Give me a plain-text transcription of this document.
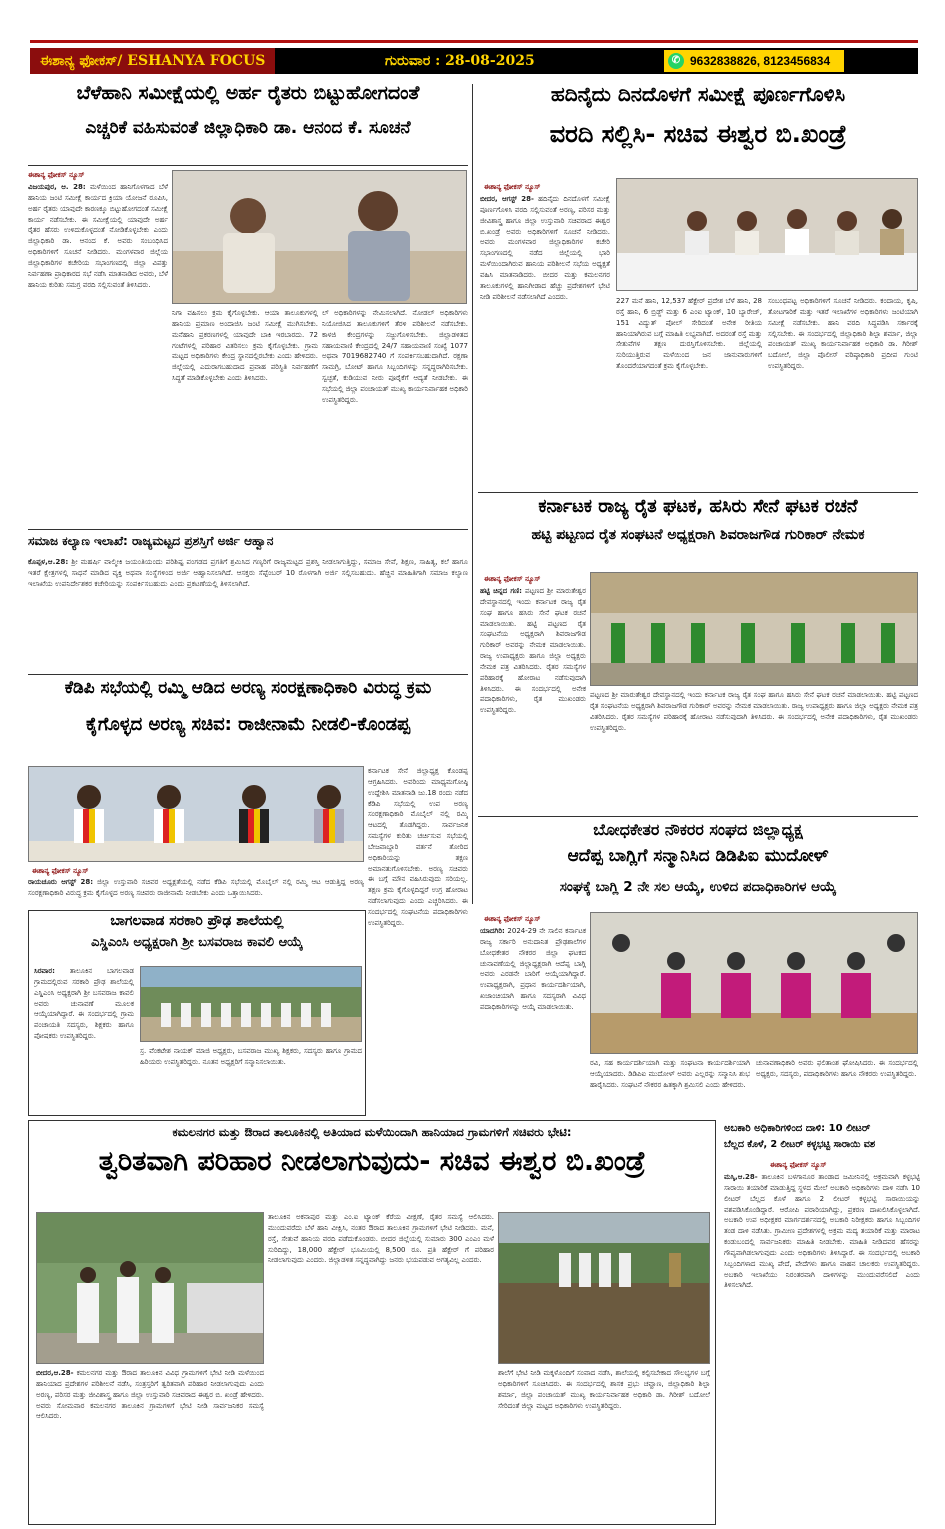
ಈಶಾನ್ಯ ಫೋಕಸ್/ ESHANYA FOCUS	ಗುರುವಾರ : 28-08-2025	✆ 9632838826, 8123456834 Page-3
ಬೆಳೆಹಾನಿ ಸಮೀಕ್ಷೆಯಲ್ಲಿ ಅರ್ಹ ರೈತರು ಬಿಟ್ಟುಹೋಗದಂತೆ
ಎಚ್ಚರಿಕೆ ವಹಿಸುವಂತೆ ಜಿಲ್ಲಾಧಿಕಾರಿ ಡಾ. ಆನಂದ ಕೆ. ಸೂಚನೆ
ಈಶಾನ್ಯ ಫೋಕಸ್ ನ್ಯೂಸ್
ವಿಜಯಪುರ, ಆ. 28: ಮಳೆಯಿಂದ ಹಾನಿಗೊಳಗಾದ ಬೆಳೆ ಹಾನಿಯ ಜಂಟಿ ಸಮೀಕ್ಷೆ ಕಾರ್ಯದ ಕ್ರಿಯಾ ಯೋಜನೆ ರೂಪಿಸಿ, ಅರ್ಹ ರೈತರು ಯಾವುದೇ ಕಾರಣಕ್ಕೂ ಬಿಟ್ಟುಹೋಗದಂತೆ ಸಮೀಕ್ಷೆ ಕಾರ್ಯ ನಡೆಸಬೇಕು. ಈ ಸಮೀಕ್ಷೆಯಲ್ಲಿ ಯಾವುದೇ ಅರ್ಹ ರೈತರ ಹೆಸರು ಉಳಿದುಕೊಳ್ಳದಂತೆ ನೋಡಿಕೊಳ್ಳಬೇಕು ಎಂದು ಜಿಲ್ಲಾಧಿಕಾರಿ ಡಾ. ಆನಂದ ಕೆ. ಅವರು ಸಂಬಂಧಿಸಿದ ಅಧಿಕಾರಿಗಳಿಗೆ ಸೂಚನೆ ನೀಡಿದರು. ಮಂಗಳವಾರ ಜಿಲ್ಲೆಯ ಜಿಲ್ಲಾಧಿಕಾರಿಗಳ ಕಚೇರಿಯ ಸಭಾಂಗಣದಲ್ಲಿ ಜಿಲ್ಲಾ ವಿಪತ್ತು ನಿರ್ವಹಣಾ ಪ್ರಾಧಿಕಾರದ ಸಭೆ ನಡೆಸಿ ಮಾತನಾಡಿದ ಅವರು, ಬೆಳೆ ಹಾನಿಯ ಕುರಿತು ಸಮಗ್ರ ವರದಿ ಸಲ್ಲಿಸುವಂತೆ ತಿಳಿಸಿದರು.
ನಿಗಾ ವಹಿಸಲು ಕ್ರಮ ಕೈಗೊಳ್ಳಬೇಕು. ಆಯಾ ತಾಲೂಕುಗಳಲ್ಲಿ ಹಾನಿಯ ಪ್ರಮಾಣ ಅಂದಾಜಿಸಿ ಜಂಟಿ ಸಮೀಕ್ಷೆ ಮುಗಿಸಬೇಕು. ಮನೆಹಾನಿ ಪ್ರಕರಣಗಳಲ್ಲಿ ಯಾವುದೇ ಬಾಕಿ ಇರಬಾರದು. 72 ಗಂಟೆಗಳಲ್ಲಿ ಪರಿಹಾರ ವಿತರಿಸಲು ಕ್ರಮ ಕೈಗೊಳ್ಳಬೇಕು. ಗ್ರಾಮ ಮಟ್ಟದ ಅಧಿಕಾರಿಗಳು ಕೇಂದ್ರ ಸ್ಥಾನದಲ್ಲಿರಬೇಕು ಎಂದು ಹೇಳಿದರು. ಜಿಲ್ಲೆಯಲ್ಲಿ ಎದುರಾಗಬಹುದಾದ ಪ್ರವಾಹ ಪರಿಸ್ಥಿತಿ ನಿರ್ವಹಣೆಗೆ ಸಿದ್ಧತೆ ಮಾಡಿಕೊಳ್ಳಬೇಕು ಎಂದು ತಿಳಿಸಿದರು.
ಲ್ ಅಧಿಕಾರಿಗಳನ್ನು ನೇಮಿಸಲಾಗಿದೆ. ನೋಡಲ್ ಅಧಿಕಾರಿಗಳು ನಿಯೋಜಿಸಿದ ತಾಲೂಕುಗಳಿಗೆ ತೆರಳಿ ಪರಿಶೀಲನೆ ನಡೆಸಬೇಕು. ಕಾಳಜಿ ಕೇಂದ್ರಗಳನ್ನು ಸಜ್ಜುಗೊಳಿಸಬೇಕು. ಜಿಲ್ಲಾಡಳಿತದ ಸಹಾಯವಾಣಿ ಕೇಂದ್ರದಲ್ಲಿ 24/7 ಸಹಾಯವಾಣಿ ಸಂಖ್ಯೆ 1077 ಅಥವಾ 7019682740 ಗೆ ಸಂಪರ್ಕಿಸಬಹುದಾಗಿದೆ. ರಕ್ಷಣಾ ಸಾಮಗ್ರಿ, ಬೋಟ್ ಹಾಗೂ ಸಿಬ್ಬಂದಿಗಳನ್ನು ಸನ್ನದ್ಧರಾಗಿರಿಸಬೇಕು. ಸ್ವಚ್ಛತೆ, ಕುಡಿಯುವ ನೀರು ಪೂರೈಕೆಗೆ ಆದ್ಯತೆ ನೀಡಬೇಕು. ಈ ಸಭೆಯಲ್ಲಿ ಜಿಲ್ಲಾ ಪಂಚಾಯತ್ ಮುಖ್ಯ ಕಾರ್ಯನಿರ್ವಾಹಕ ಅಧಿಕಾರಿ ಉಪಸ್ಥಿತರಿದ್ದರು.
ಹದಿನೈದು ದಿನದೊಳಗೆ ಸಮೀಕ್ಷೆ ಪೂರ್ಣಗೊಳಿಸಿ
ವರದಿ ಸಲ್ಲಿಸಿ- ಸಚಿವ ಈಶ್ವರ ಬಿ.ಖಂಡ್ರೆ
ಈಶಾನ್ಯ ಫೋಕಸ್ ನ್ಯೂಸ್
ಬೀದರ, ಆಗಸ್ಟ್ 28- ಹದಿನೈದು ದಿನದೊಳಗೆ ಸಮೀಕ್ಷೆ ಪೂರ್ಣಗೊಳಿಸಿ ವರದಿ ಸಲ್ಲಿಸುವಂತೆ ಅರಣ್ಯ, ಪರಿಸರ ಮತ್ತು ಜೀವಿಶಾಸ್ತ್ರ ಹಾಗೂ ಜಿಲ್ಲಾ ಉಸ್ತುವಾರಿ ಸಚಿವರಾದ ಈಶ್ವರ ಬಿ.ಖಂಡ್ರೆ ಅವರು ಅಧಿಕಾರಿಗಳಿಗೆ ಸೂಚನೆ ನೀಡಿದರು. ಅವರು ಮಂಗಳವಾರ ಜಿಲ್ಲಾಧಿಕಾರಿಗಳ ಕಚೇರಿ ಸಭಾಂಗಣದಲ್ಲಿ ನಡೆದ ಜಿಲ್ಲೆಯಲ್ಲಿ ಭಾರಿ ಮಳೆಯಿಂದಾಗಿರುವ ಹಾನಿಯ ಪರಿಶೀಲನೆ ಸಭೆಯ ಅಧ್ಯಕ್ಷತೆ ವಹಿಸಿ ಮಾತನಾಡಿದರು. ಬೀದರ ಮತ್ತು ಕಮಲನಗರ ತಾಲೂಕುಗಳಲ್ಲಿ ಹಾನಿಗೀಡಾದ ಹೆಚ್ಚು ಪ್ರದೇಶಗಳಿಗೆ ಭೇಟಿ ನೀಡಿ ಪರಿಶೀಲನೆ ನಡೆಸಲಾಗಿದೆ ಎಂದರು.
227 ಮನೆ ಹಾನಿ, 12,537 ಹೆಕ್ಟೇರ್ ಪ್ರದೇಶ ಬೆಳೆ ಹಾನಿ, 28 ರಸ್ತೆ ಹಾನಿ, 6 ಬ್ರಿಡ್ಜ್ ಮತ್ತು 6 ಎಂಐ ಟ್ಯಾಂಕ್, 10 ಬ್ಯಾರೇಜ್, 151 ವಿದ್ಯುತ್ ಪೋಲ್ ಸೇರಿದಂತೆ ಅನೇಕ ರೀತಿಯ ಹಾನಿಯಾಗಿರುವ ಬಗ್ಗೆ ಮಾಹಿತಿ ಲಭ್ಯವಾಗಿದೆ. ಅದರಂತೆ ರಸ್ತೆ ಮತ್ತು ಸೇತುವೆಗಳ ತಕ್ಷಣ ದುರಸ್ತಿಗೊಳಿಸಬೇಕು. ಜಿಲ್ಲೆಯಲ್ಲಿ ಸುರಿಯುತ್ತಿರುವ ಮಳೆಯಿಂದ ಜನ ಜಾನುವಾರುಗಳಿಗೆ ತೊಂದರೆಯಾಗದಂತೆ ಕ್ರಮ ಕೈಗೊಳ್ಳಬೇಕು.
ಸಂಬಂಧಪಟ್ಟ ಅಧಿಕಾರಿಗಳಿಗೆ ಸೂಚನೆ ನೀಡಿದರು. ಕಂದಾಯ, ಕೃಷಿ, ತೋಟಗಾರಿಕೆ ಮತ್ತು ಇತರೆ ಇಲಾಖೆಗಳ ಅಧಿಕಾರಿಗಳು ಜಂಟಿಯಾಗಿ ಸಮೀಕ್ಷೆ ನಡೆಸಬೇಕು. ಹಾನಿ ವರದಿ ಸಿದ್ಧಪಡಿಸಿ ಸರ್ಕಾರಕ್ಕೆ ಸಲ್ಲಿಸಬೇಕು. ಈ ಸಂದರ್ಭದಲ್ಲಿ ಜಿಲ್ಲಾಧಿಕಾರಿ ಶಿಲ್ಪಾ ಶರ್ಮಾ, ಜಿಲ್ಲಾ ಪಂಚಾಯತ್ ಮುಖ್ಯ ಕಾರ್ಯನಿರ್ವಾಹಕ ಅಧಿಕಾರಿ ಡಾ. ಗಿರೀಶ್ ಬದೋಲೆ, ಜಿಲ್ಲಾ ಪೊಲೀಸ್ ವರಿಷ್ಠಾಧಿಕಾರಿ ಪ್ರದೀಪ ಗುಂಟಿ ಉಪಸ್ಥಿತರಿದ್ದರು.
ಕರ್ನಾಟಕ ರಾಜ್ಯ ರೈತ ಘಟಕ, ಹಸಿರು ಸೇನೆ ಘಟಕ ರಚನೆ
ಹಟ್ಟಿ ಪಟ್ಟಣದ ರೈತ ಸಂಘಟನೆ ಅಧ್ಯಕ್ಷರಾಗಿ ಶಿವರಾಜಗೌಡ ಗುರಿಕಾರ್ ನೇಮಕ
ಈಶಾನ್ಯ ಫೋಕಸ್ ನ್ಯೂಸ್
ಹಟ್ಟಿ ಚಿನ್ನದ ಗಣಿ: ಪಟ್ಟಣದ ಶ್ರೀ ಮಾರುತೇಶ್ವರ ದೇವಸ್ಥಾನದಲ್ಲಿ ಇಂದು ಕರ್ನಾಟಕ ರಾಜ್ಯ ರೈತ ಸಂಘ ಹಾಗೂ ಹಸಿರು ಸೇನೆ ಘಟಕ ರಚನೆ ಮಾಡಲಾಯಿತು. ಹಟ್ಟಿ ಪಟ್ಟಣದ ರೈತ ಸಂಘಟನೆಯ ಅಧ್ಯಕ್ಷರಾಗಿ ಶಿವರಾಜಗೌಡ ಗುರಿಕಾರ್ ಅವರನ್ನು ನೇಮಕ ಮಾಡಲಾಯಿತು. ರಾಜ್ಯ ಉಪಾಧ್ಯಕ್ಷರು ಹಾಗೂ ಜಿಲ್ಲಾ ಅಧ್ಯಕ್ಷರು ನೇಮಕ ಪತ್ರ ವಿತರಿಸಿದರು. ರೈತರ ಸಮಸ್ಯೆಗಳ ಪರಿಹಾರಕ್ಕೆ ಹೋರಾಟ ನಡೆಸುವುದಾಗಿ ತಿಳಿಸಿದರು. ಈ ಸಂದರ್ಭದಲ್ಲಿ ಅನೇಕ ಪದಾಧಿಕಾರಿಗಳು, ರೈತ ಮುಖಂಡರು ಉಪಸ್ಥಿತರಿದ್ದರು.
ಪಟ್ಟಣದ ಶ್ರೀ ಮಾರುತೇಶ್ವರ ದೇವಸ್ಥಾನದಲ್ಲಿ ಇಂದು ಕರ್ನಾಟಕ ರಾಜ್ಯ ರೈತ ಸಂಘ ಹಾಗೂ ಹಸಿರು ಸೇನೆ ಘಟಕ ರಚನೆ ಮಾಡಲಾಯಿತು. ಹಟ್ಟಿ ಪಟ್ಟಣದ ರೈತ ಸಂಘಟನೆಯ ಅಧ್ಯಕ್ಷರಾಗಿ ಶಿವರಾಜಗೌಡ ಗುರಿಕಾರ್ ಅವರನ್ನು ನೇಮಕ ಮಾಡಲಾಯಿತು. ರಾಜ್ಯ ಉಪಾಧ್ಯಕ್ಷರು ಹಾಗೂ ಜಿಲ್ಲಾ ಅಧ್ಯಕ್ಷರು ನೇಮಕ ಪತ್ರ ವಿತರಿಸಿದರು. ರೈತರ ಸಮಸ್ಯೆಗಳ ಪರಿಹಾರಕ್ಕೆ ಹೋರಾಟ ನಡೆಸುವುದಾಗಿ ತಿಳಿಸಿದರು. ಈ ಸಂದರ್ಭದಲ್ಲಿ ಅನೇಕ ಪದಾಧಿಕಾರಿಗಳು, ರೈತ ಮುಖಂಡರು ಉಪಸ್ಥಿತರಿದ್ದರು.
ಸಮಾಜ ಕಲ್ಯಾಣ ಇಲಾಖೆ: ರಾಜ್ಯಮಟ್ಟದ ಪ್ರಶಸ್ತಿಗೆ ಅರ್ಜಿ ಆಹ್ವಾನ
ಕೊಪ್ಪಳ,ಆ.28: ಶ್ರೀ ಮಹರ್ಷಿ ವಾಲ್ಮೀಕಿ ಜಯಂತಿಯಂದು ಪರಿಶಿಷ್ಟ ಪಂಗಡದ ಪ್ರಗತಿಗೆ ಶ್ರಮಿಸಿದ ಗಣ್ಯರಿಗೆ ರಾಜ್ಯಮಟ್ಟದ ಪ್ರಶಸ್ತಿ ನೀಡಲಾಗುತ್ತಿದ್ದು, ಸಮಾಜ ಸೇವೆ, ಶಿಕ್ಷಣ, ಸಾಹಿತ್ಯ, ಕಲೆ ಹಾಗೂ ಇತರೆ ಕ್ಷೇತ್ರಗಳಲ್ಲಿ ಸಾಧನೆ ಮಾಡಿದ ವ್ಯಕ್ತಿ ಅಥವಾ ಸಂಸ್ಥೆಗಳಿಂದ ಅರ್ಜಿ ಆಹ್ವಾನಿಸಲಾಗಿದೆ. ಆಸಕ್ತರು ಸೆಪ್ಟೆಂಬರ್ 10 ರೊಳಗಾಗಿ ಅರ್ಜಿ ಸಲ್ಲಿಸಬಹುದು. ಹೆಚ್ಚಿನ ಮಾಹಿತಿಗಾಗಿ ಸಮಾಜ ಕಲ್ಯಾಣ ಇಲಾಖೆಯ ಉಪನಿರ್ದೇಶಕರ ಕಚೇರಿಯನ್ನು ಸಂಪರ್ಕಿಸಬಹುದು ಎಂದು ಪ್ರಕಟಣೆಯಲ್ಲಿ ತಿಳಿಸಲಾಗಿದೆ.
ಕೆಡಿಪಿ ಸಭೆಯಲ್ಲಿ ರಮ್ಮಿ ಆಡಿದ ಅರಣ್ಯ ಸಂರಕ್ಷಣಾಧಿಕಾರಿ ವಿರುದ್ಧ ಕ್ರಮ
ಕೈಗೊಳ್ಳದ ಅರಣ್ಯ ಸಚಿವ: ರಾಜೀನಾಮೆ ನೀಡಲಿ-ಕೊಂಡಪ್ಪ
ಈಶಾನ್ಯ ಫೋಕಸ್ ನ್ಯೂಸ್
ರಾಯಚೂರು ಆಗಸ್ಟ್ 28: ಜಿಲ್ಲಾ ಉಸ್ತುವಾರಿ ಸಚಿವರ ಅಧ್ಯಕ್ಷತೆಯಲ್ಲಿ ನಡೆದ ಕೆಡಿಪಿ ಸಭೆಯಲ್ಲಿ ಮೊಬೈಲ್ ನಲ್ಲಿ ರಮ್ಮಿ ಆಟ ಆಡುತ್ತಿದ್ದ ಅರಣ್ಯ ಸಂರಕ್ಷಣಾಧಿಕಾರಿ ವಿರುದ್ಧ ಕ್ರಮ ಕೈಗೊಳ್ಳದ ಅರಣ್ಯ ಸಚಿವರು ರಾಜೀನಾಮೆ ನೀಡಬೇಕು ಎಂದು ಒತ್ತಾಯಿಸಿದರು.
ಕರ್ನಾಟಕ ಸೇನೆ ಜಿಲ್ಲಾಧ್ಯಕ್ಷ ಕೊಂಡಪ್ಪ ಆಗ್ರಹಿಸಿದರು. ಅವರಿಂದು ಮಾಧ್ಯಮಗೋಷ್ಠಿ ಉದ್ದೇಶಿಸಿ ಮಾತನಾಡಿ ಜು.18 ರಂದು ನಡೆದ ಕೆಡಿಪಿ ಸಭೆಯಲ್ಲಿ ಉಪ ಅರಣ್ಯ ಸಂರಕ್ಷಣಾಧಿಕಾರಿ ಮೊಬೈಲ್ ನಲ್ಲಿ ರಮ್ಮಿ ಆಟದಲ್ಲಿ ತೊಡಗಿದ್ದರು. ಸಾರ್ವಜನಿಕ ಸಮಸ್ಯೆಗಳ ಕುರಿತು ಚರ್ಚಿಸುವ ಸಭೆಯಲ್ಲಿ ಬೇಜವಾಬ್ದಾರಿ ವರ್ತನೆ ತೋರಿದ ಅಧಿಕಾರಿಯನ್ನು ತಕ್ಷಣ ಅಮಾನತುಗೊಳಿಸಬೇಕು. ಅರಣ್ಯ ಸಚಿವರು ಈ ಬಗ್ಗೆ ಮೌನ ವಹಿಸಿರುವುದು ಸರಿಯಲ್ಲ. ತಕ್ಷಣ ಕ್ರಮ ಕೈಗೊಳ್ಳದಿದ್ದರೆ ಉಗ್ರ ಹೋರಾಟ ನಡೆಸಲಾಗುವುದು ಎಂದು ಎಚ್ಚರಿಸಿದರು. ಈ ಸಂದರ್ಭದಲ್ಲಿ ಸಂಘಟನೆಯ ಪದಾಧಿಕಾರಿಗಳು ಉಪಸ್ಥಿತರಿದ್ದರು.
ಬೋಧಕೇತರ ನೌಕರರ ಸಂಘದ ಜಿಲ್ಲಾಧ್ಯಕ್ಷ
ಆದೆಪ್ಪ ಬಾಗ್ಲಿಗೆ ಸನ್ಮಾನಿಸಿದ ಡಿಡಿಪಿಐ ಮುದೋಳ್
ಸಂಘಕ್ಕೆ ಬಾಗ್ಲಿ 2 ನೇ ಸಲ ಆಯ್ಕೆ, ಉಳಿದ ಪದಾಧಿಕಾರಿಗಳ ಆಯ್ಕೆ
ಈಶಾನ್ಯ ಫೋಕಸ್ ನ್ಯೂಸ್
ಯಾದಗಿರಿ: 2024-29 ನೇ ಸಾಲಿನ ಕರ್ನಾಟಕ ರಾಜ್ಯ ಸರ್ಕಾರಿ ಅನುದಾನಿತ ಪ್ರೌಢಶಾಲೆಗಳ ಬೋಧಕೇತರ ನೌಕರರ ಜಿಲ್ಲಾ ಘಟಕದ ಚುನಾವಣೆಯಲ್ಲಿ ಜಿಲ್ಲಾಧ್ಯಕ್ಷರಾಗಿ ಆದೆಪ್ಪ ಬಾಗ್ಲಿ ಅವರು ಎರಡನೇ ಬಾರಿಗೆ ಆಯ್ಕೆಯಾಗಿದ್ದಾರೆ. ಉಪಾಧ್ಯಕ್ಷರಾಗಿ, ಪ್ರಧಾನ ಕಾರ್ಯದರ್ಶಿಯಾಗಿ, ಖಜಾಂಚಿಯಾಗಿ ಹಾಗೂ ಸದಸ್ಯರಾಗಿ ವಿವಿಧ ಪದಾಧಿಕಾರಿಗಳನ್ನು ಆಯ್ಕೆ ಮಾಡಲಾಯಿತು.
ರವಿ, ಸಹ ಕಾರ್ಯದರ್ಶಿಯಾಗಿ ಮತ್ತು ಸಂಘಟನಾ ಕಾರ್ಯದರ್ಶಿಯಾಗಿ ಆಯ್ಕೆಯಾದರು. ಡಿಡಿಪಿಐ ಮುದೋಳ್ ಅವರು ಎಲ್ಲರನ್ನು ಸನ್ಮಾನಿಸಿ ಶುಭ ಹಾರೈಸಿದರು. ಸಂಘಟನೆ ನೌಕರರ ಹಿತಕ್ಕಾಗಿ ಶ್ರಮಿಸಲಿ ಎಂದು ಹೇಳಿದರು.
ಚುನಾವಣಾಧಿಕಾರಿ ಅವರು ಫಲಿತಾಂಶ ಘೋಷಿಸಿದರು. ಈ ಸಂದರ್ಭದಲ್ಲಿ ಅಧ್ಯಕ್ಷರು, ಸದಸ್ಯರು, ಪದಾಧಿಕಾರಿಗಳು ಹಾಗೂ ನೌಕರರು ಉಪಸ್ಥಿತರಿದ್ದರು.
ಬಾಗಲವಾಡ ಸರಕಾರಿ ಪ್ರೌಢ ಶಾಲೆಯಲ್ಲಿ
ಎಸ್ಡಿಎಂಸಿ ಅಧ್ಯಕ್ಷರಾಗಿ ಶ್ರೀ ಬಸವರಾಜ ಕಾವಲಿ ಆಯ್ಕೆ
ಸಿರವಾರ: ತಾಲೂಕಿನ ಬಾಗಲವಾಡ ಗ್ರಾಮದಲ್ಲಿರುವ ಸರಕಾರಿ ಪ್ರೌಢ ಶಾಲೆಯಲ್ಲಿ ಎಸ್ಡಿಎಂಸಿ ಅಧ್ಯಕ್ಷರಾಗಿ ಶ್ರೀ ಬಸವರಾಜ ಕಾವಲಿ ಅವರು ಚುನಾವಣೆ ಮೂಲಕ ಆಯ್ಕೆಯಾಗಿದ್ದಾರೆ. ಈ ಸಂದರ್ಭದಲ್ಲಿ ಗ್ರಾಮ ಪಂಚಾಯತಿ ಸದಸ್ಯರು, ಶಿಕ್ಷಕರು ಹಾಗೂ ಪೋಷಕರು ಉಪಸ್ಥಿತರಿದ್ದರು.
ಸ್ರ. ವೆಂಕಟೇಶ ನಾಯಕ್ ಮಾಜಿ ಅಧ್ಯಕ್ಷರು, ಬಸವರಾಜ ಮುಖ್ಯ ಶಿಕ್ಷಕರು, ಸದಸ್ಯರು ಹಾಗೂ ಗ್ರಾಮದ ಹಿರಿಯರು ಉಪಸ್ಥಿತರಿದ್ದರು. ನೂತನ ಅಧ್ಯಕ್ಷರಿಗೆ ಸನ್ಮಾನಿಸಲಾಯಿತು.
ಕಮಲನಗರ ಮತ್ತು ಔರಾದ ತಾಲೂಕಿನಲ್ಲಿ ಅತಿಯಾದ ಮಳೆಯಿಂದಾಗಿ ಹಾನಿಯಾದ ಗ್ರಾಮಗಳಿಗೆ ಸಚಿವರು ಭೇಟಿ:
ತ್ವರಿತವಾಗಿ ಪರಿಹಾರ ನೀಡಲಾಗುವುದು- ಸಚಿವ ಈಶ್ವರ ಬಿ.ಖಂಡ್ರೆ
ತಾಲೂಕಿನ ಅಕನಾಪುರ ಮತ್ತು ಎಂ.ಐ ಟ್ಯಾಂಕ್ ಕೆರೆಯ ವೀಕ್ಷಣೆ, ರೈತರ ಸಮಸ್ಯೆ ಆಲಿಸಿದರು. ಮುಂದುವರೆದು ಬೆಳೆ ಹಾನಿ ವೀಕ್ಷಿಸಿ, ನಂತರ ಔರಾದ ತಾಲೂಕಿನ ಗ್ರಾಮಗಳಿಗೆ ಭೇಟಿ ನೀಡಿದರು. ಮನೆ, ರಸ್ತೆ, ಸೇತುವೆ ಹಾನಿಯ ವರದಿ ಪಡೆದುಕೊಂಡರು. ಬೀದರ ಜಿಲ್ಲೆಯಲ್ಲಿ ಸುಮಾರು 300 ಎಂಎಂ ಮಳೆ ಸುರಿದಿದ್ದು, 18,000 ಹೆಕ್ಟೇರ್ ಭೂಮಿಯಲ್ಲಿ 8,500 ರೂ. ಪ್ರತಿ ಹೆಕ್ಟೇರ್ ಗೆ ಪರಿಹಾರ ನೀಡಲಾಗುವುದು ಎಂದರು. ಜಿಲ್ಲಾಡಳಿತ ಸನ್ನದ್ಧವಾಗಿದ್ದು ಜನರು ಭಯಪಡುವ ಅಗತ್ಯವಿಲ್ಲ ಎಂದರು.
ಬೀದರ,ಆ.28- ಕಮಲನಗರ ಮತ್ತು ಔರಾದ ತಾಲೂಕಿನ ವಿವಿಧ ಗ್ರಾಮಗಳಿಗೆ ಭೇಟಿ ನೀಡಿ ಮಳೆಯಿಂದ ಹಾನಿಯಾದ ಪ್ರದೇಶಗಳ ಪರಿಶೀಲನೆ ನಡೆಸಿ, ಸಂತ್ರಸ್ತರಿಗೆ ತ್ವರಿತವಾಗಿ ಪರಿಹಾರ ನೀಡಲಾಗುವುದು ಎಂದು ಅರಣ್ಯ, ಪರಿಸರ ಮತ್ತು ಜೀವಿಶಾಸ್ತ್ರ ಹಾಗೂ ಜಿಲ್ಲಾ ಉಸ್ತುವಾರಿ ಸಚಿವರಾದ ಈಶ್ವರ ಬಿ. ಖಂಡ್ರೆ ಹೇಳಿದರು. ಅವರು ಸೋಮವಾರ ಕಮಲನಗರ ತಾಲೂಕಿನ ಗ್ರಾಮಗಳಿಗೆ ಭೇಟಿ ನೀಡಿ ಸಾರ್ವಜನಿಕರ ಸಮಸ್ಯೆ ಆಲಿಸಿದರು.
ಶಾಲೆಗೆ ಭೇಟಿ ನೀಡಿ ಮಕ್ಕಳೊಂದಿಗೆ ಸಂವಾದ ನಡೆಸಿ, ಶಾಲೆಯಲ್ಲಿ ಕಲ್ಪಿಸಬೇಕಾದ ಸೌಲಭ್ಯಗಳ ಬಗ್ಗೆ ಅಧಿಕಾರಿಗಳಿಗೆ ಸೂಚಿಸಿದರು. ಈ ಸಂದರ್ಭದಲ್ಲಿ ಶಾಸಕ ಪ್ರಭು ಚವ್ಹಾಣ, ಜಿಲ್ಲಾಧಿಕಾರಿ ಶಿಲ್ಪಾ ಶರ್ಮಾ, ಜಿಲ್ಲಾ ಪಂಚಾಯತ್ ಮುಖ್ಯ ಕಾರ್ಯನಿರ್ವಾಹಕ ಅಧಿಕಾರಿ ಡಾ. ಗಿರೀಶ್ ಬದೋಲೆ ಸೇರಿದಂತೆ ಜಿಲ್ಲಾ ಮಟ್ಟದ ಅಧಿಕಾರಿಗಳು ಉಪಸ್ಥಿತರಿದ್ದರು.
ಅಬಕಾರಿ ಅಧಿಕಾರಿಗಳಿಂದ ದಾಳಿ: 10 ಲೀಟರ್
ಬೆಲ್ಲದ ಕೊಳೆ, 2 ಲೀಟರ್ ಕಳ್ಳಭಟ್ಟಿ ಸಾರಾಯಿ ವಶ
ಈಶಾನ್ಯ ಫೋಕಸ್ ನ್ಯೂಸ್
ಮಸ್ಕಿ,ಆ.28- ತಾಲೂಕಿನ ಬಳಗಾನೂರ ತಾಂಡಾದ ಜಮೀನಿನಲ್ಲಿ ಅಕ್ರಮವಾಗಿ ಕಳ್ಳಭಟ್ಟಿ ಸಾರಾಯಿ ತಯಾರಿಕೆ ಮಾಡುತ್ತಿದ್ದ ಸ್ಥಳದ ಮೇಲೆ ಅಬಕಾರಿ ಅಧಿಕಾರಿಗಳು ದಾಳಿ ನಡೆಸಿ 10 ಲೀಟರ್ ಬೆಲ್ಲದ ಕೊಳೆ ಹಾಗೂ 2 ಲೀಟರ್ ಕಳ್ಳಭಟ್ಟಿ ಸಾರಾಯಿಯನ್ನು ವಶಪಡಿಸಿಕೊಂಡಿದ್ದಾರೆ. ಆರೋಪಿ ಪರಾರಿಯಾಗಿದ್ದು, ಪ್ರಕರಣ ದಾಖಲಿಸಿಕೊಳ್ಳಲಾಗಿದೆ. ಅಬಕಾರಿ ಉಪ ಅಧೀಕ್ಷಕರ ಮಾರ್ಗದರ್ಶನದಲ್ಲಿ ಅಬಕಾರಿ ನಿರೀಕ್ಷಕರು ಹಾಗೂ ಸಿಬ್ಬಂದಿಗಳ ತಂಡ ದಾಳಿ ನಡೆಸಿತು. ಗ್ರಾಮೀಣ ಪ್ರದೇಶಗಳಲ್ಲಿ ಅಕ್ರಮ ಮದ್ಯ ತಯಾರಿಕೆ ಮತ್ತು ಮಾರಾಟ ಕಂಡುಬಂದಲ್ಲಿ ಸಾರ್ವಜನಿಕರು ಮಾಹಿತಿ ನೀಡಬೇಕು. ಮಾಹಿತಿ ನೀಡಿದವರ ಹೆಸರನ್ನು ಗೌಪ್ಯವಾಗಿಡಲಾಗುವುದು ಎಂದು ಅಧಿಕಾರಿಗಳು ತಿಳಿಸಿದ್ದಾರೆ. ಈ ಸಂದರ್ಭದಲ್ಲಿ ಅಬಕಾರಿ ಸಿಬ್ಬಂದಿಗಳಾದ ಮುಖ್ಯ ಪೇದೆ, ಪೇದೆಗಳು ಹಾಗೂ ವಾಹನ ಚಾಲಕರು ಉಪಸ್ಥಿತರಿದ್ದರು. ಅಬಕಾರಿ ಇಲಾಖೆಯು ನಿರಂತರವಾಗಿ ದಾಳಿಗಳನ್ನು ಮುಂದುವರೆಸಲಿದೆ ಎಂದು ತಿಳಿಸಲಾಗಿದೆ.
